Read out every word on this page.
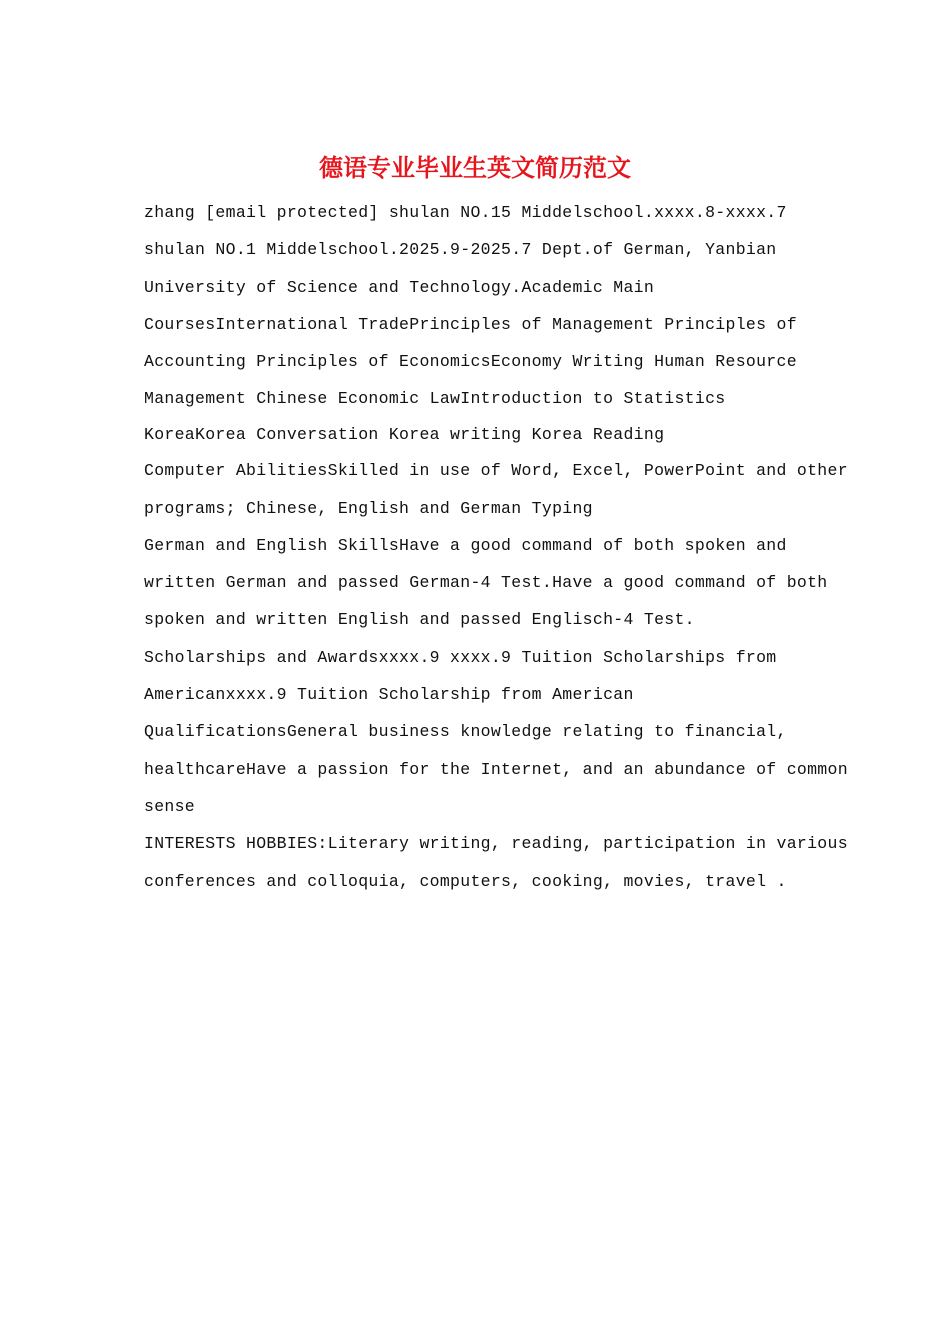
德语专业毕业生英文简历范文

zhang [email protected] shulan NO.15 Middelschool.xxxx.8-xxxx.7
shulan NO.1 Middelschool.2025.9-2025.7 Dept.of German, Yanbian
University of Science and Technology.Academic Main
CoursesInternational TradePrinciples of Management Principles of
Accounting Principles of EconomicsEconomy Writing Human Resource
Management Chinese Economic LawIntroduction to Statistics

KoreaKorea Conversation Korea writing Korea Reading

Computer AbilitiesSkilled in use of Word, Excel, PowerPoint and other
programs; Chinese, English and German Typing

German and English SkillsHave a good command of both spoken and
written German and passed German-4 Test.Have a good command of both
spoken and written English and passed Englisch-4 Test.

Scholarships and Awardsxxxx.9 xxxx.9 Tuition Scholarships from
Americanxxxx.9 Tuition Scholarship from American

QualificationsGeneral business knowledge relating to financial,
healthcareHave a passion for the Internet, and an abundance of common
sense

INTERESTS HOBBIES:Literary writing, reading, participation in various
conferences and colloquia, computers, cooking, movies, travel .
